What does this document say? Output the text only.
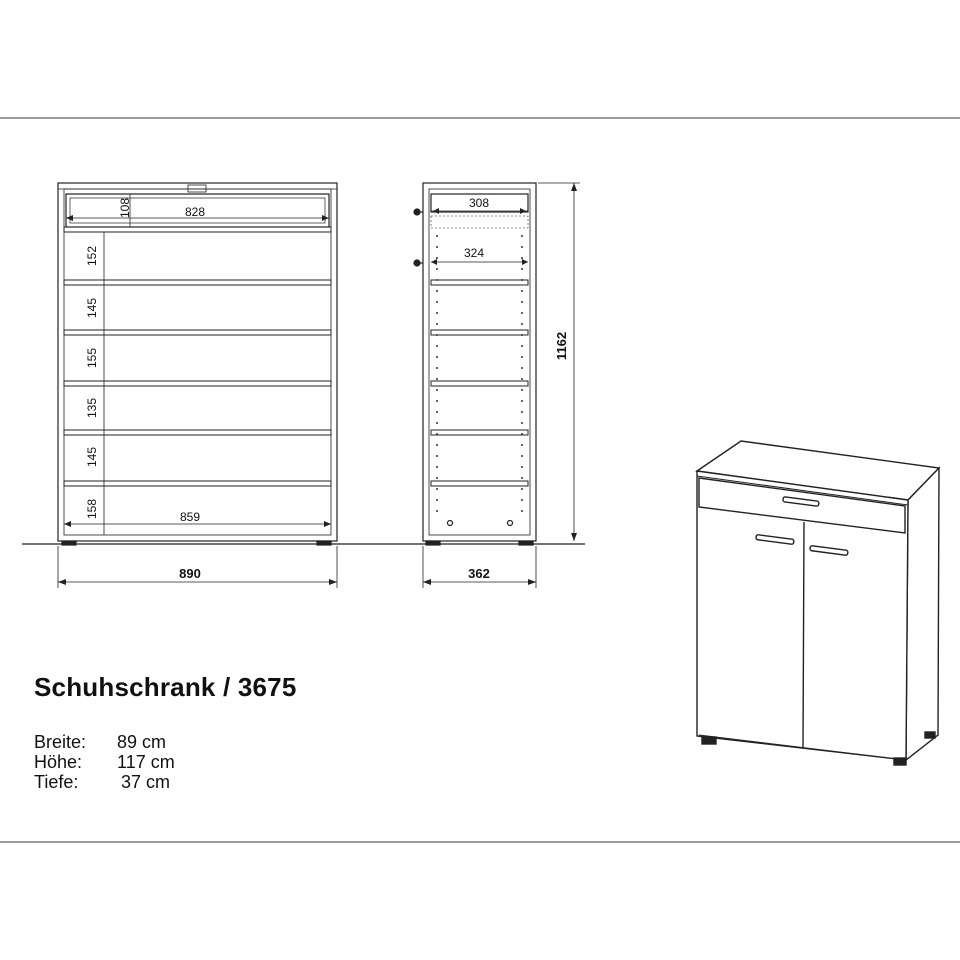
108	828
152
145
155
135
145
158	859
890
308
324
362
1162
Schuhschrank / 3675
Breite: 89 cm
Höhe: 117 cm
Tiefe: 37 cm
